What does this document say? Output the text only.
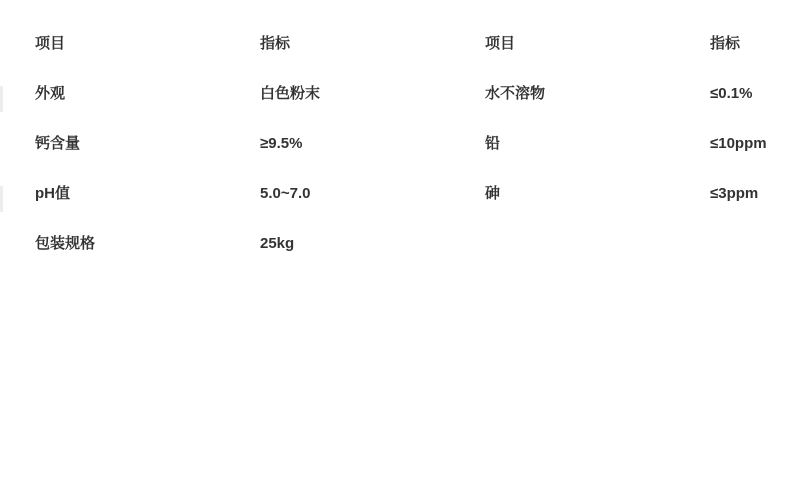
项目	指标	项目	指标
外观	白色粉末	水不溶物	≤0.1%
钙含量	≥9.5%	铅	≤10ppm
pH值	5.0~7.0	砷	≤3ppm
包装规格	25kg
